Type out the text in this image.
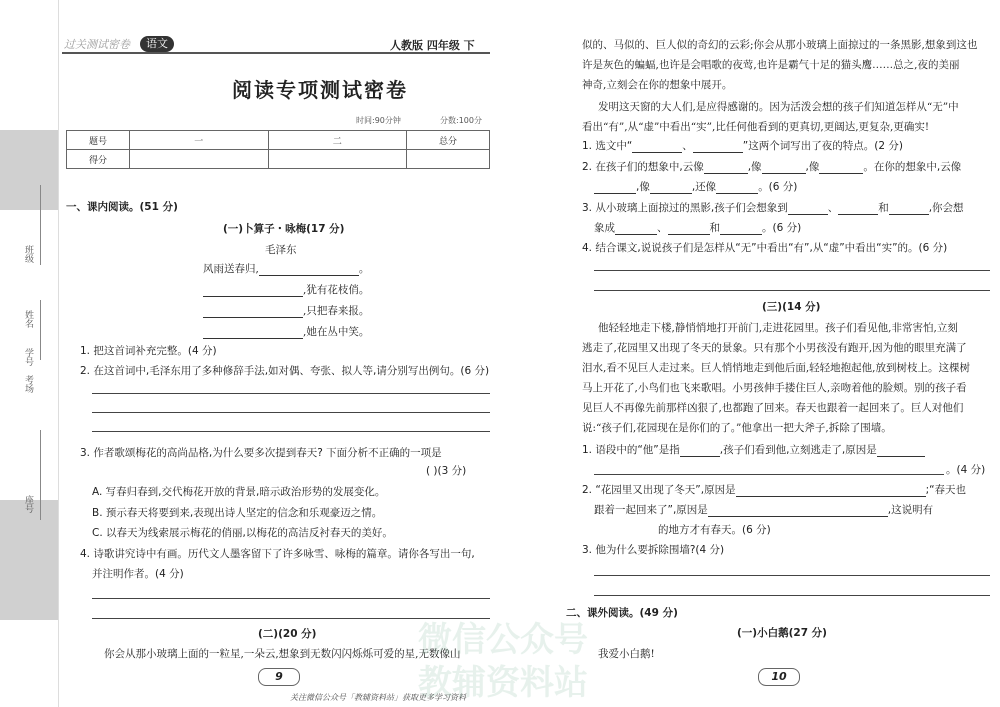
班级
姓名
学号
考场
座号
过关测试密卷	语文	人教版 四年级 下
阅读专项测试密卷
时间:90分钟	分数:100分
题号	一	二	总分
得分			
一、课内阅读。(51 分)
(一)卜算子・咏梅(17 分)
毛泽东
风雨送春归,	。
,犹有花枝俏。
,只把春来报。
,她在丛中笑。
1. 把这首词补充完整。(4 分)
2. 在这首词中,毛泽东用了多种修辞手法,如对偶、夸张、拟人等,请分别写出例句。(6 分)
3. 作者歌颂梅花的高尚品格,为什么要多次提到春天? 下面分析不正确的一项是
( )(3 分)
A. 写春归春到,交代梅花开放的背景,暗示政治形势的发展变化。
B. 预示春天将要到来,表现出诗人坚定的信念和乐观豪迈之情。
C. 以春天为线索展示梅花的俏丽,以梅花的高洁反衬春天的美好。
4. 诗歌讲究诗中有画。历代文人墨客留下了许多咏雪、咏梅的篇章。请你各写出一句,
并注明作者。(4 分)
(二)(20 分)
你会从那小玻璃上面的一粒星,一朵云,想象到无数闪闪烁烁可爱的星,无数像山
9
似的、马似的、巨人似的奇幻的云彩;你会从那小玻璃上面掠过的一条黑影,想象到这也
许是灰色的蝙蝠,也许是会唱歌的夜莺,也许是霸气十足的猫头鹰……总之,夜的美丽
神奇,立刻会在你的想象中展开。
发明这天窗的大人们,是应得感谢的。因为活泼会想的孩子们知道怎样从“无”中
看出“有”,从“虚”中看出“实”,比任何他看到的更真切,更阔达,更复杂,更确实!
1. 选文中“	、	”这两个词写出了夜的特点。(2 分)
2. 在孩子们的想象中,云像	,像	,像	。在你的想象中,云像
,像	,还像	。(6 分)
3. 从小玻璃上面掠过的黑影,孩子们会想象到	、	和	,你会想
象成	、	和	。(6 分)
4. 结合课文,说说孩子们是怎样从“无”中看出“有”,从“虚”中看出“实”的。(6 分)
(三)(14 分)
他轻轻地走下楼,静悄悄地打开前门,走进花园里。孩子们看见他,非常害怕,立刻
逃走了,花园里又出现了冬天的景象。只有那个小男孩没有跑开,因为他的眼里充满了
泪水,看不见巨人走过来。巨人悄悄地走到他后面,轻轻地抱起他,放到树枝上。这棵树
马上开花了,小鸟们也飞来歌唱。小男孩伸手搂住巨人,亲吻着他的脸颊。别的孩子看
见巨人不再像先前那样凶狠了,也都跑了回来。春天也跟着一起回来了。巨人对他们
说:“孩子们,花园现在是你们的了。”他拿出一把大斧子,拆除了围墙。
1. 语段中的“他”是指	,孩子们看到他,立刻逃走了,原因是
。(4 分)
2. “花园里又出现了冬天”,原因是	;“春天也
跟着一起回来了”,原因是	,这说明有
的地方才有春天。(6 分)
3. 他为什么要拆除围墙?(4 分)
二、课外阅读。(49 分)
(一)小白鹅(27 分)
我爱小白鹅!
10
关注微信公众号「教辅资料站」获取更多学习资料
微信公众号
教辅资料站
